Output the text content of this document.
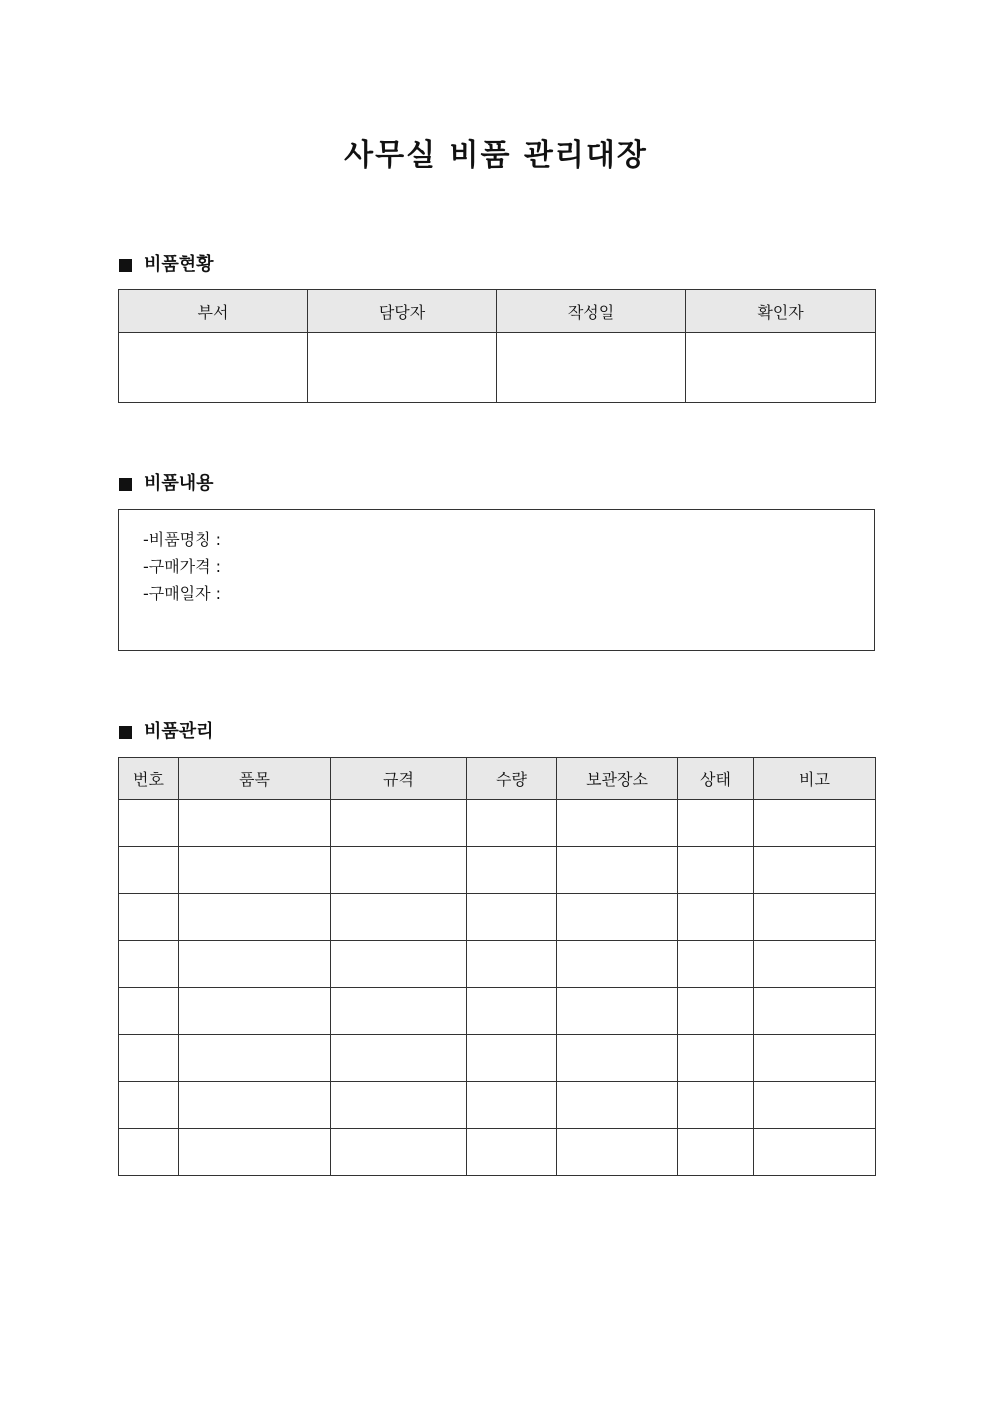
사무실 비품 관리대장
비품현황
부서	담당자	작성일	확인자

비품내용
-비품명칭 :
-구매가격 :
-구매일자 :
비품관리
번호	품목	규격	수량	보관장소	상태	비고
